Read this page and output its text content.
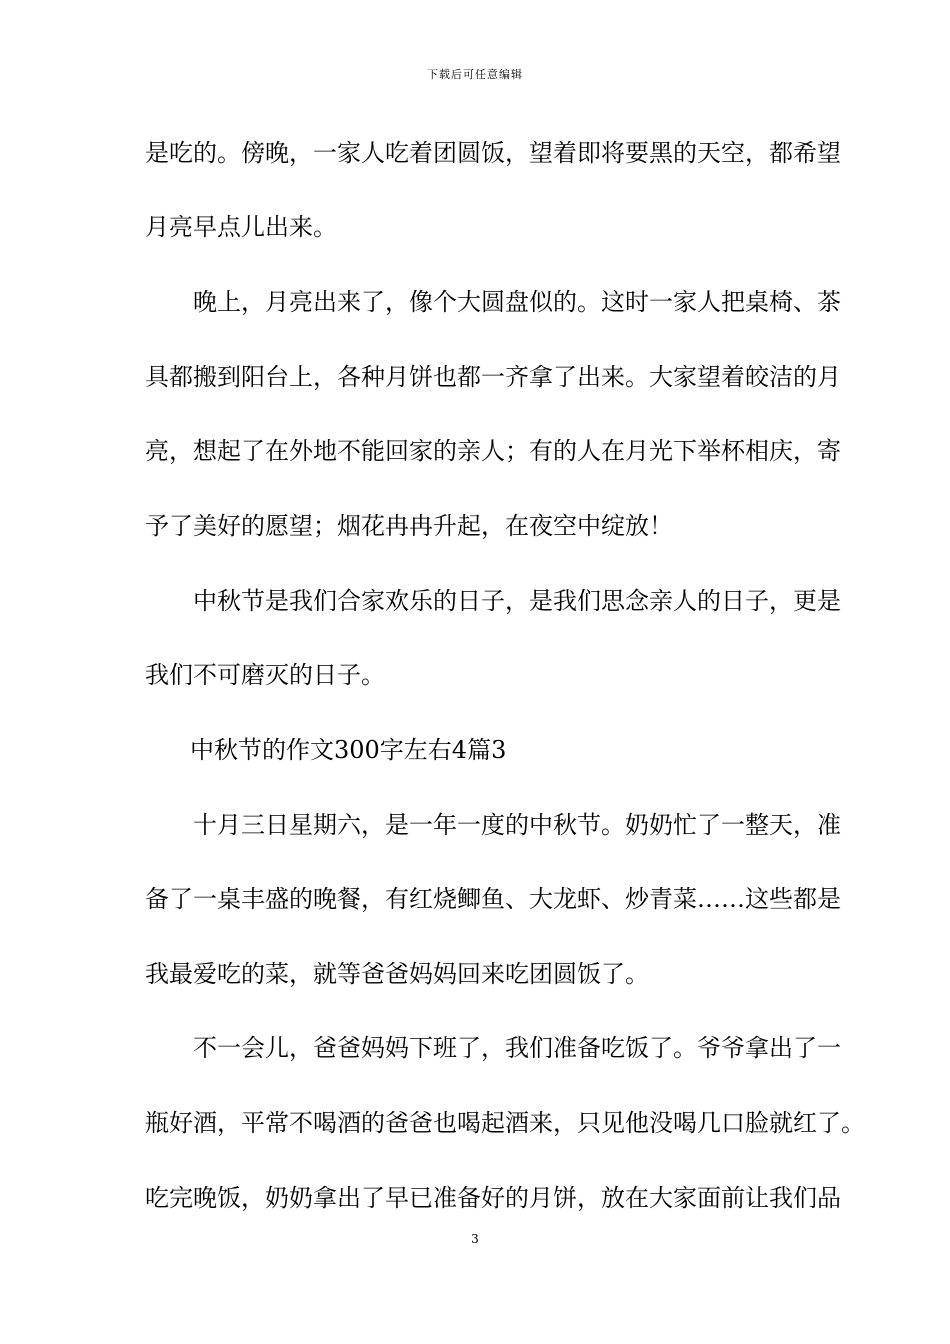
下载后可任意编辑
是吃的。傍晚，一家人吃着团圆饭，望着即将要黑的天空，都希望
月亮早点儿出来。
晚上，月亮出来了，像个大圆盘似的。这时一家人把桌椅、茶
具都搬到阳台上，各种月饼也都一齐拿了出来。大家望着皎洁的月
亮，想起了在外地不能回家的亲人；有的人在月光下举杯相庆，寄
予了美好的愿望；烟花冉冉升起，在夜空中绽放！
中秋节是我们合家欢乐的日子，是我们思念亲人的日子，更是
我们不可磨灭的日子。
中秋节的作文300字左右4篇3
十月三日星期六，是一年一度的中秋节。奶奶忙了一整天，准
备了一桌丰盛的晚餐，有红烧鲫鱼、大龙虾、炒青菜……这些都是
我最爱吃的菜，就等爸爸妈妈回来吃团圆饭了。
不一会儿，爸爸妈妈下班了，我们准备吃饭了。爷爷拿出了一
瓶好酒，平常不喝酒的爸爸也喝起酒来，只见他没喝几口脸就红了。
吃完晚饭，奶奶拿出了早已准备好的月饼，放在大家面前让我们品
3
